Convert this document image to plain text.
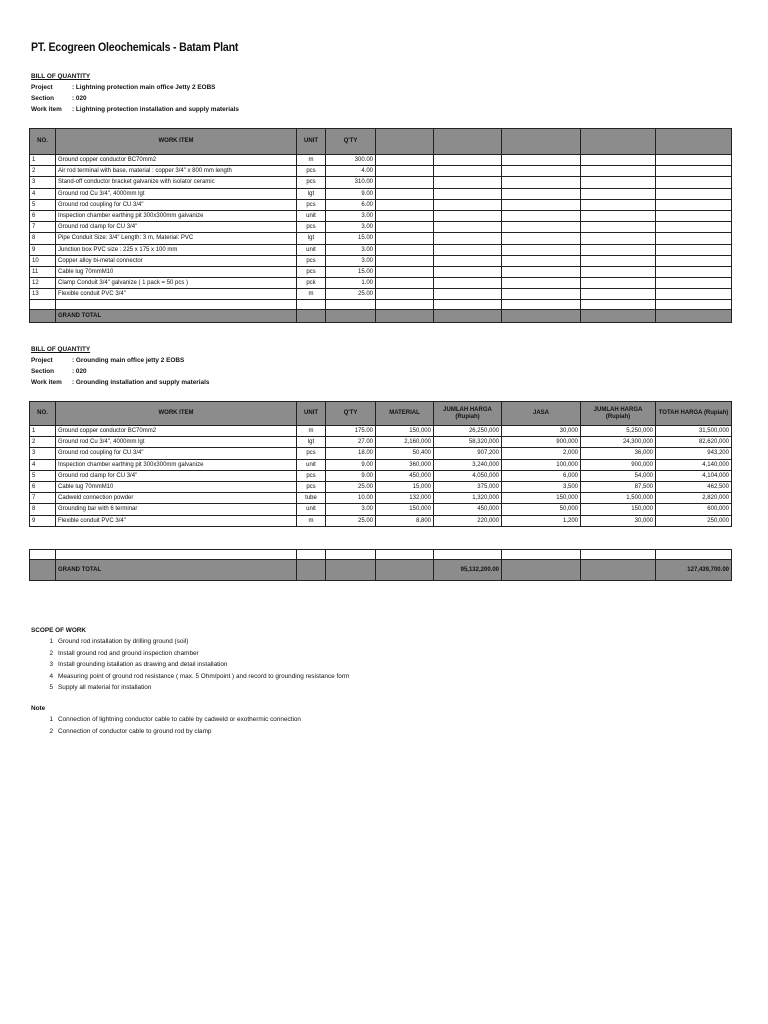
PT. Ecogreen Oleochemicals - Batam Plant
BILL OF QUANTITY
Project	: Lightning protection main office Jetty 2 EOBS
Section	: 020
Work item	: Lightning protection installation and supply materials
NO.	WORK ITEM	UNIT	Q'TY					
1	Ground copper conductor BC70mm2	m	300.00					
2	Air rod terminal with base, material : copper 3/4" x 800 mm length	pcs	4.00					
3	Stand-off conductor bracket galvanize with isolator ceramic	pcs	310.00					
4	Ground rod Cu 3/4", 4000mm lgt	lgt	9.00					
5	Ground rod coupling for CU 3/4"	pcs	6.00					
6	Inspection chamber earthing pit 300x300mm galvanize	unit	3.00					
7	Ground rod clamp for CU 3/4"	pcs	3.00					
8	Pipe Conduit Size: 3/4" Length: 3 m, Material: PVC	lgt	15.00					
9	Junction box PVC size : 225 x 175 x 100 mm	unit	3.00					
10	Copper alloy bi-metal connector	pcs	3.00					
11	Cable lug 70mmM10	pcs	15.00					
12	Clamp Conduit 3/4" galvanize ( 1 pack = 50 pcs )	pck	1.00					
13	Flexible conduit PVC 3/4"	m	25.00					

	GRAND TOTAL							
BILL OF QUANTITY
Project	: Grounding main office jetty 2 EOBS
Section	: 020
Work item	: Grounding installation and supply materials
NO.	WORK ITEM	UNIT	Q'TY	MATERIAL	JUMLAH HARGA (Rupiah)	JASA	JUMLAH HARGA (Rupiah)	TOTAH HARGA (Rupiah)
1	Ground copper conductor BC70mm2	m	175.00	150,000	26,250,000	30,000	5,250,000	31,500,000
2	Ground rod Cu 3/4", 4000mm lgt	lgt	27.00	2,160,000	58,320,000	900,000	24,300,000	82,620,000
3	Ground rod coupling for CU 3/4"	pcs	18.00	50,400	907,200	2,000	36,000	943,200
4	Inspection chamber earthing pit 300x300mm galvanize	unit	9.00	360,000	3,240,000	100,000	900,000	4,140,000
5	Ground rod clamp for CU 3/4"	pcs	9.00	450,000	4,050,000	6,000	54,000	4,104,000
6	Cable lug 70mmM10	pcs	25.00	15,000	375,000	3,500	87,500	462,500
7	Cadweld connection powder	tube	10.00	132,000	1,320,000	150,000	1,500,000	2,820,000
8	Grounding bar with 6 terminar	unit	3.00	150,000	450,000	50,000	150,000	600,000
9	Flexible conduit PVC 3/4"	m	25.00	8,800	220,000	1,200	30,000	250,000

	GRAND TOTAL				95,132,200.00			127,439,700.00
SCOPE OF WORK
1 Ground rod installation by drilling ground (soil)
2 Install ground rod and ground inspection chamber
3 Install grounding istallation as drawing and detail installation
4 Measuring point of ground rod resistance ( max. 5 Ohm/point ) and record to grounding resistance form
5 Supply all material for installation
Note
1 Connection of lightning conductor cable to cable by cadweld or exothermic connection
2 Connection of conductor cable to ground rod by clamp
